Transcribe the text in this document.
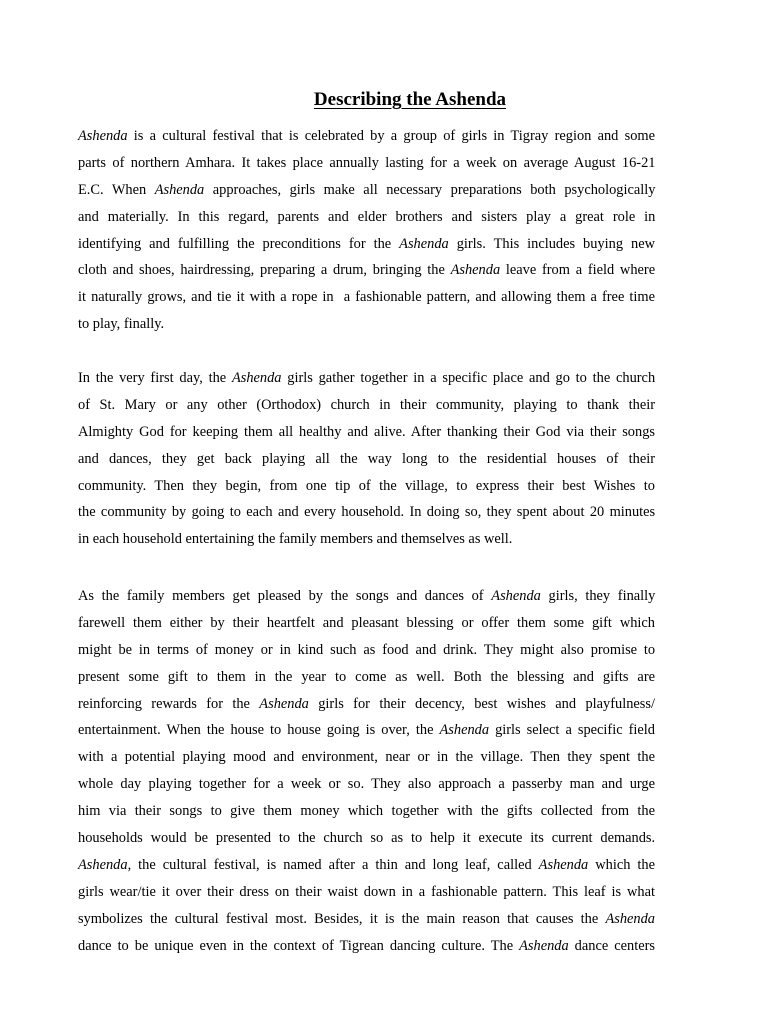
Describing the Ashenda
Ashenda is a cultural festival that is celebrated by a group of girls in Tigray region and some
parts of northern Amhara. It takes place annually lasting for a week on average August 16-21
E.C. When Ashenda approaches, girls make all necessary preparations both psychologically
and materially. In this regard, parents and elder brothers and sisters play a great role in
identifying and fulfilling the preconditions for the Ashenda girls. This includes buying new
cloth and shoes, hairdressing, preparing a drum, bringing the Ashenda leave from a field where
it naturally grows, and tie it with a rope in  a fashionable pattern, and allowing them a free time
to play, finally.
In the very first day, the Ashenda girls gather together in a specific place and go to the church
of St. Mary or any other (Orthodox) church in their community, playing to thank their
Almighty God for keeping them all healthy and alive. After thanking their God via their songs
and dances, they get back playing all the way long to the residential houses of their
community. Then they begin, from one tip of the village, to express their best Wishes to
the community by going to each and every household. In doing so, they spent about 20 minutes
in each household entertaining the family members and themselves as well.
As the family members get pleased by the songs and dances of Ashenda girls, they finally
farewell them either by their heartfelt and pleasant blessing or offer them some gift which
might be in terms of money or in kind such as food and drink. They might also promise to
present some gift to them in the year to come as well. Both the blessing and gifts are
reinforcing rewards for the Ashenda girls for their decency, best wishes and playfulness/
entertainment. When the house to house going is over, the Ashenda girls select a specific field
with a potential playing mood and environment, near or in the village. Then they spent the
whole day playing together for a week or so. They also approach a passerby man and urge
him via their songs to give them money which together with the gifts collected from the
households would be presented to the church so as to help it execute its current demands.
Ashenda, the cultural festival, is named after a thin and long leaf, called Ashenda which the
girls wear/tie it over their dress on their waist down in a fashionable pattern. This leaf is what
symbolizes the cultural festival most. Besides, it is the main reason that causes the Ashenda
dance to be unique even in the context of Tigrean dancing culture. The Ashenda dance centers
